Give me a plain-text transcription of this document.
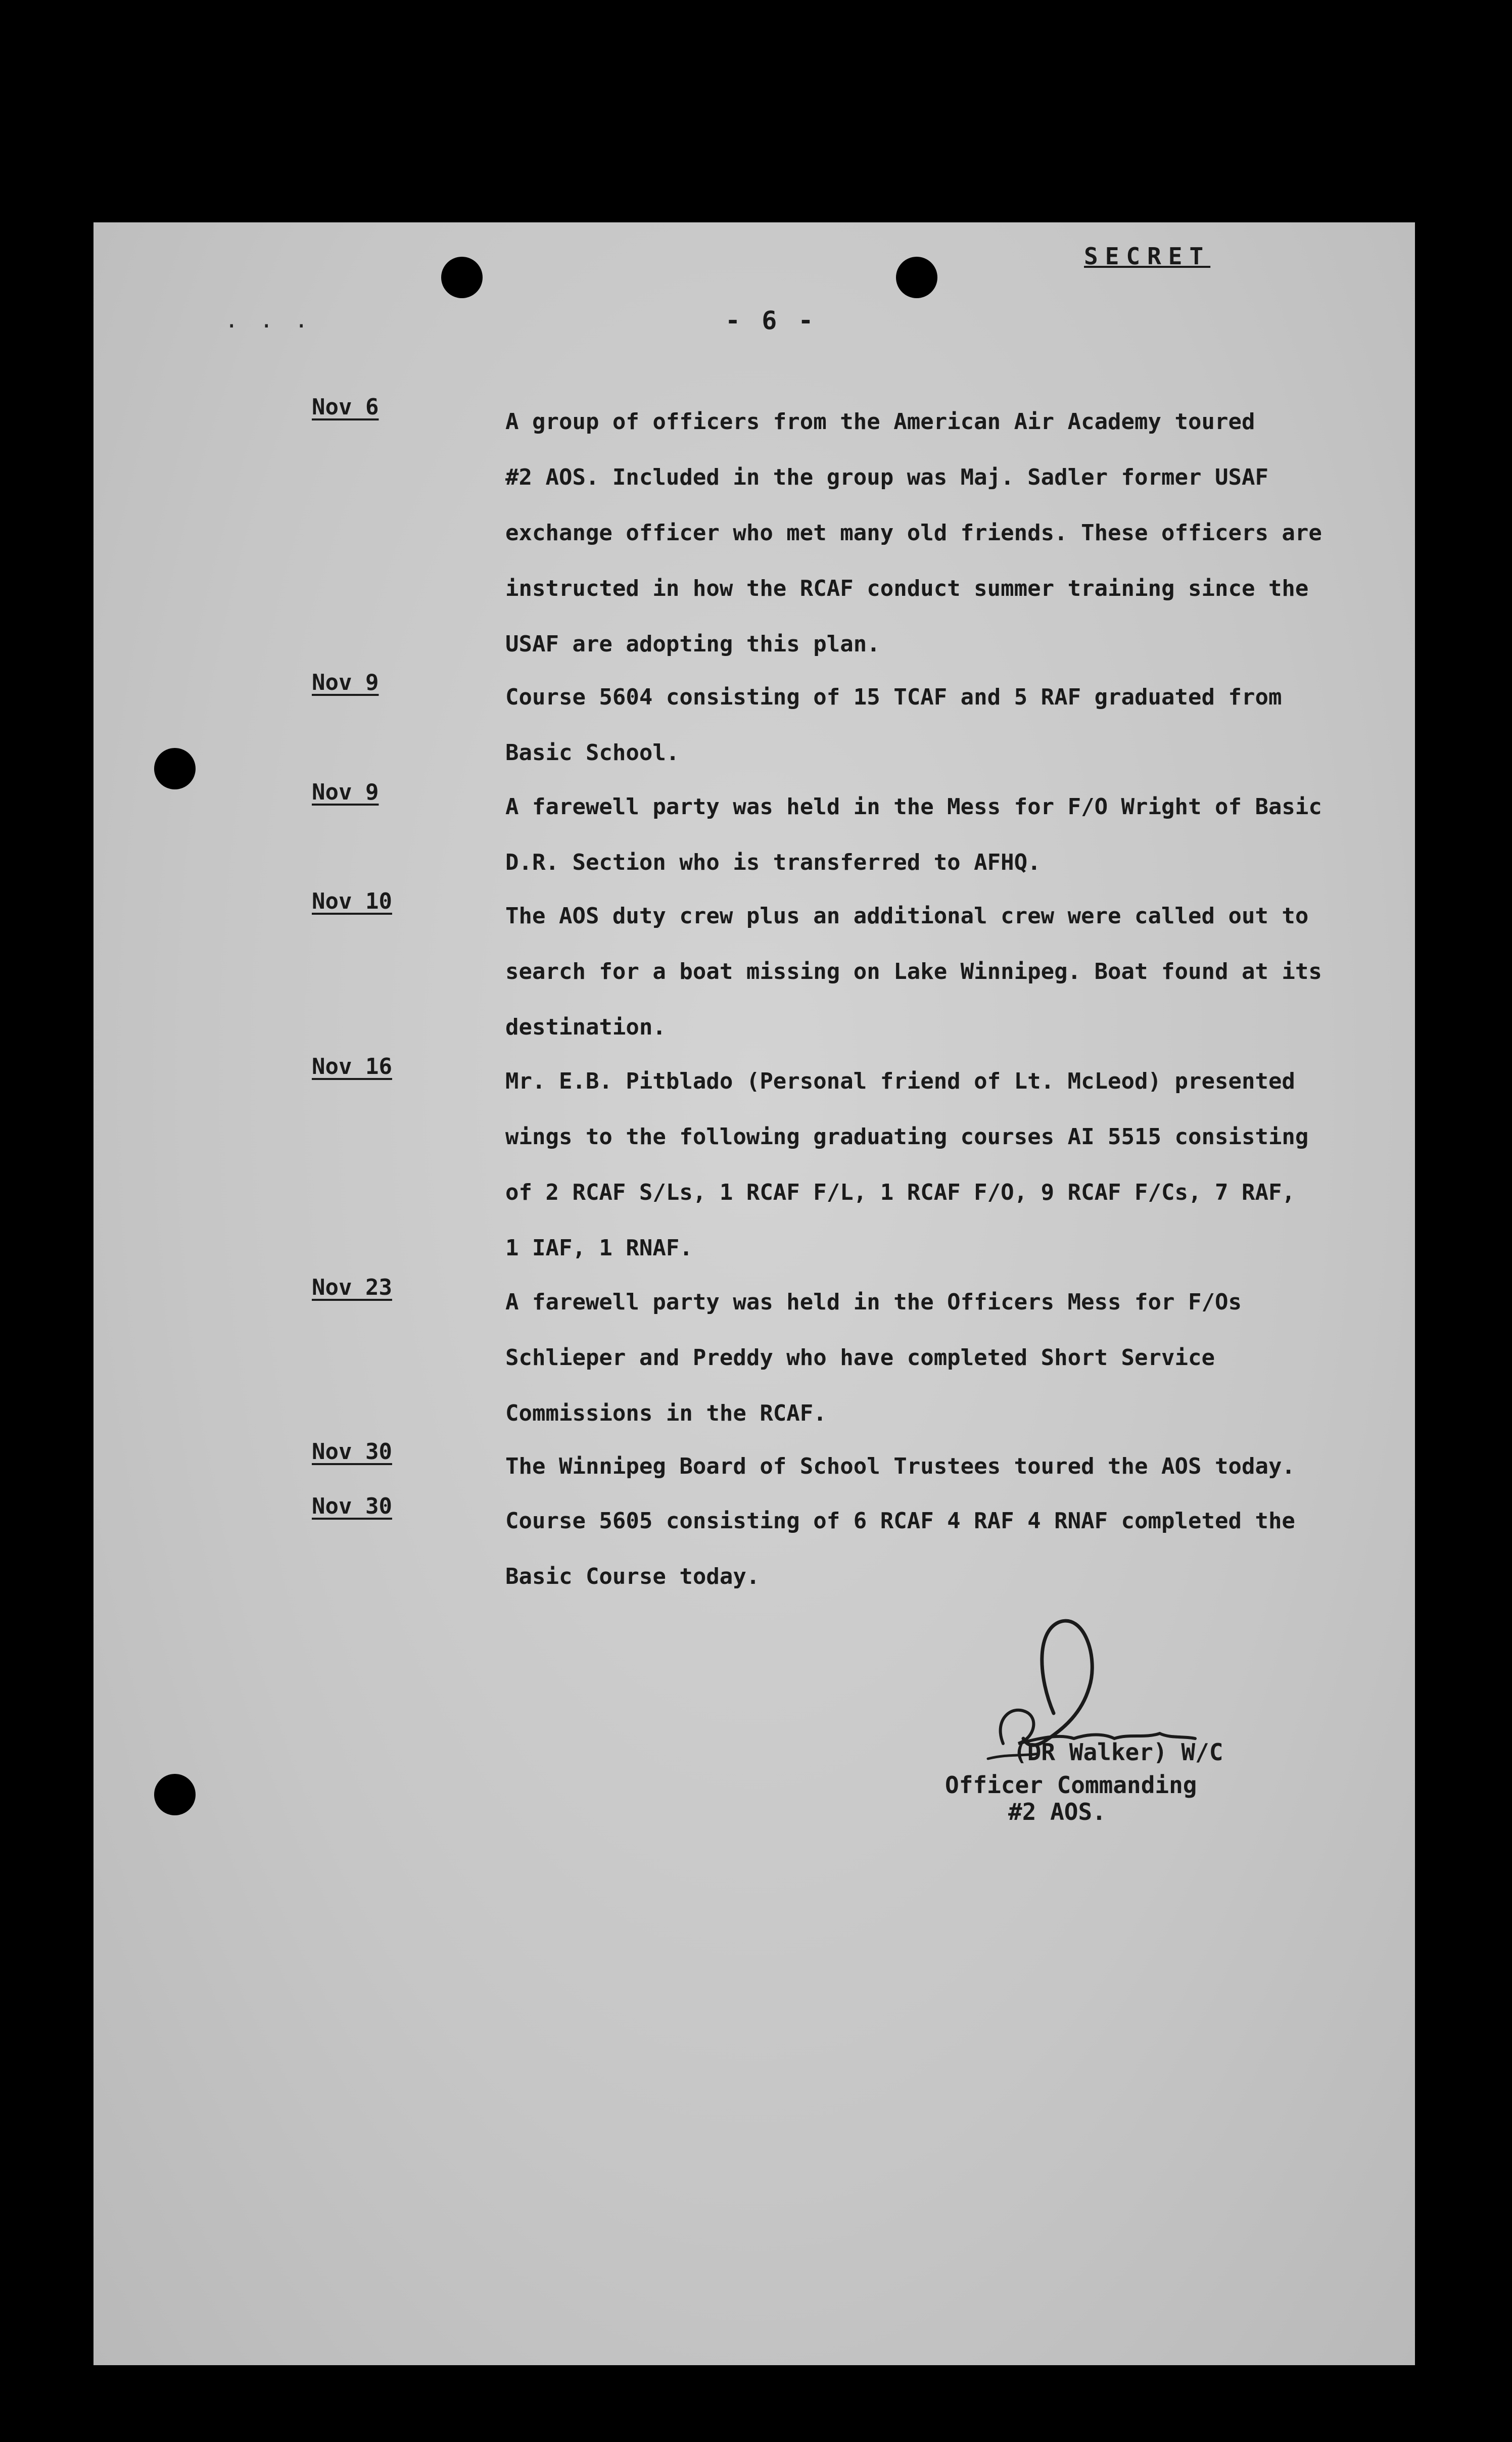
SECRET
· · ·	- 6 -
Nov 6
A group of officers from the American Air Academy toured
#2 AOS. Included in the group was Maj. Sadler former USAF
exchange officer who met many old friends. These officers are
instructed in how the RCAF conduct summer training since the
USAF are adopting this plan.
Nov 9
Course 5604 consisting of 15 TCAF and 5 RAF graduated from
Basic School.
Nov 9
A farewell party was held in the Mess for F/O Wright of Basic
D.R. Section who is transferred to AFHQ.
Nov 10
The AOS duty crew plus an additional crew were called out to
search for a boat missing on Lake Winnipeg. Boat found at its
destination.
Nov 16
Mr. E.B. Pitblado (Personal friend of Lt. McLeod) presented
wings to the following graduating courses AI 5515 consisting
of 2 RCAF S/Ls, 1 RCAF F/L, 1 RCAF F/O, 9 RCAF F/Cs, 7 RAF,
1 IAF, 1 RNAF.
Nov 23
A farewell party was held in the Officers Mess for F/Os
Schlieper and Preddy who have completed Short Service
Commissions in the RCAF.
Nov 30
The Winnipeg Board of School Trustees toured the AOS today.
Nov 30
Course 5605 consisting of 6 RCAF 4 RAF 4 RNAF completed the
Basic Course today.
(DR Walker) W/C
Officer Commanding
#2 AOS.
